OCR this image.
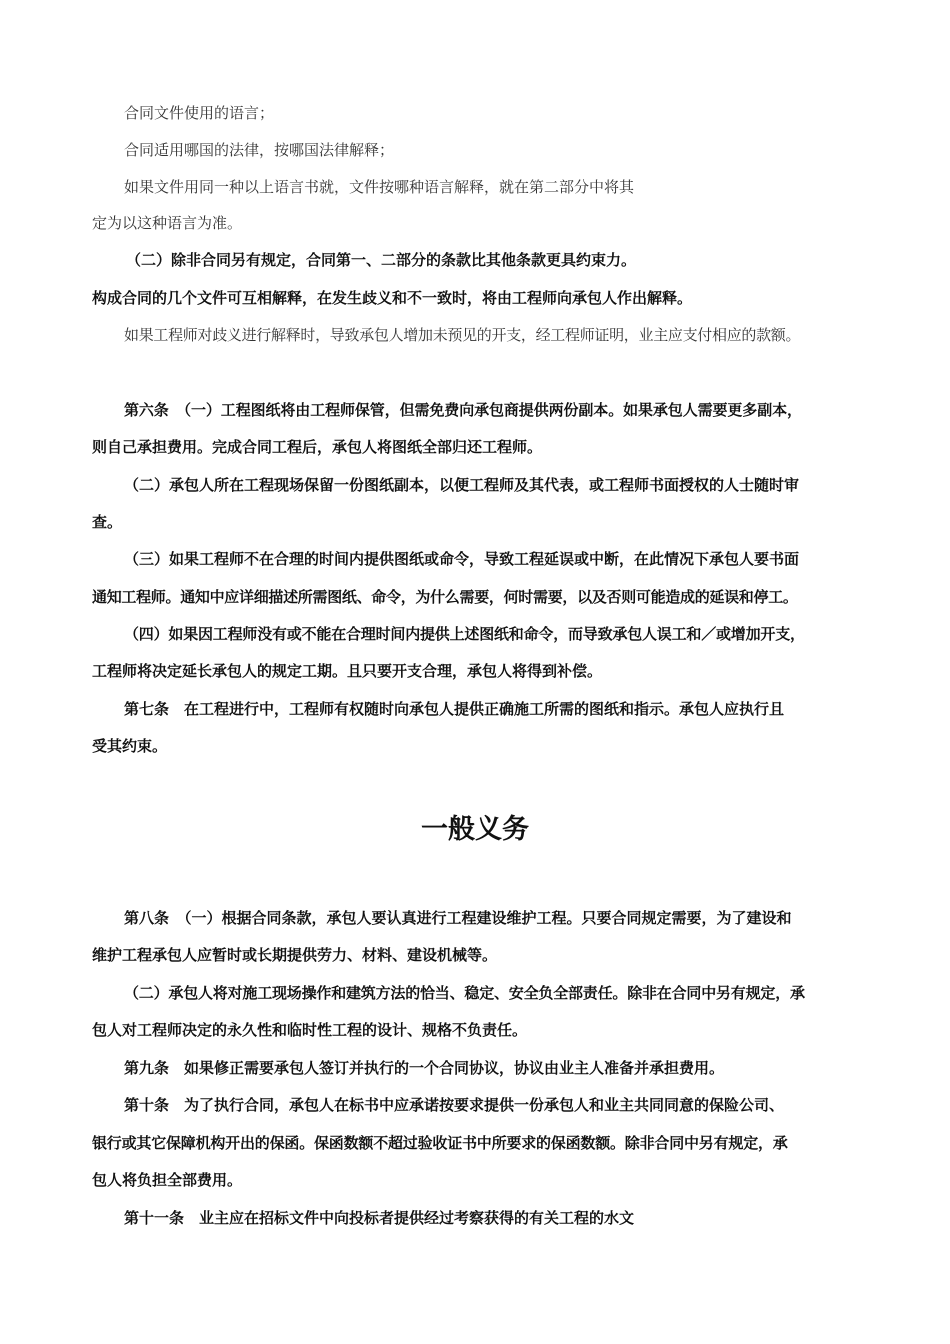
合同文件使用的语言；
合同适用哪国的法律，按哪国法律解释；
如果文件用同一种以上语言书就，文件按哪种语言解释，就在第二部分中将其
定为以这种语言为准。
（二）除非合同另有规定，合同第一、二部分的条款比其他条款更具约束力。
构成合同的几个文件可互相解释，在发生歧义和不一致时，将由工程师向承包人作出解释。
如果工程师对歧义进行解释时，导致承包人增加未预见的开支，经工程师证明，业主应支付相应的款额。
第六条　（一）工程图纸将由工程师保管，但需免费向承包商提供两份副本。如果承包人需要更多副本，
则自己承担费用。完成合同工程后，承包人将图纸全部归还工程师。
（二）承包人所在工程现场保留一份图纸副本，以便工程师及其代表，或工程师书面授权的人士随时审
查。
（三）如果工程师不在合理的时间内提供图纸或命令，导致工程延误或中断，在此情况下承包人要书面
通知工程师。通知中应详细描述所需图纸、命令，为什么需要，何时需要，以及否则可能造成的延误和停工。
（四）如果因工程师没有或不能在合理时间内提供上述图纸和命令，而导致承包人误工和／或增加开支，
工程师将决定延长承包人的规定工期。且只要开支合理，承包人将得到补偿。
第七条　在工程进行中，工程师有权随时向承包人提供正确施工所需的图纸和指示。承包人应执行且
受其约束。
一般义务
第八条　（一）根据合同条款，承包人要认真进行工程建设维护工程。只要合同规定需要，为了建设和
维护工程承包人应暂时或长期提供劳力、材料、建设机械等。
（二）承包人将对施工现场操作和建筑方法的恰当、稳定、安全负全部责任。除非在合同中另有规定，承
包人对工程师决定的永久性和临时性工程的设计、规格不负责任。
第九条　如果修正需要承包人签订并执行的一个合同协议，协议由业主人准备并承担费用。
第十条　为了执行合同，承包人在标书中应承诺按要求提供一份承包人和业主共同同意的保险公司、
银行或其它保障机构开出的保函。保函数额不超过验收证书中所要求的保函数额。除非合同中另有规定，承
包人将负担全部费用。
第十一条　业主应在招标文件中向投标者提供经过考察获得的有关工程的水文
